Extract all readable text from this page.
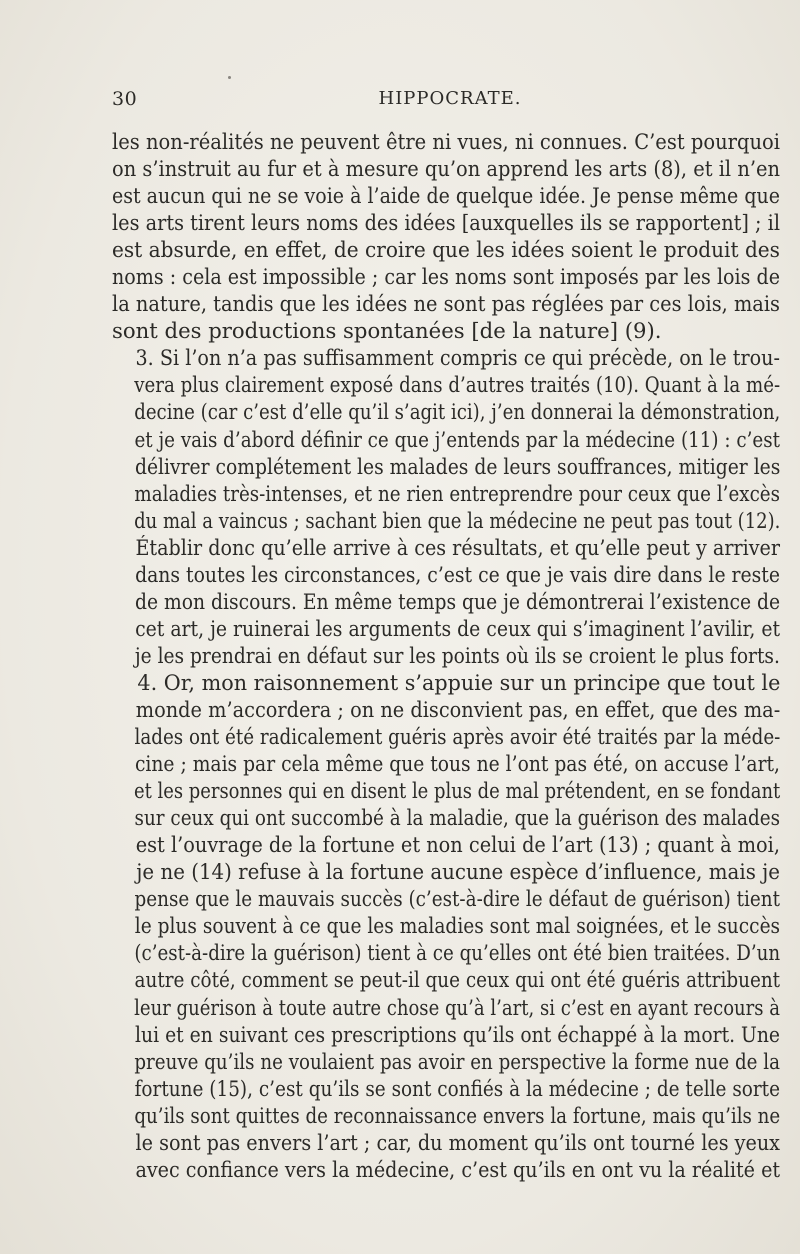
30	HIPPOCRATE.
les non-réalités ne peuvent être ni vues, ni connues. C’est pourquoi
on s’instruit au fur et à mesure qu’on apprend les arts (8), et il n’en
est aucun qui ne se voie à l’aide de quelque idée. Je pense même que
les arts tirent leurs noms des idées [auxquelles ils se rapportent] ; il
est absurde, en effet, de croire que les idées soient le produit des
noms : cela est impossible ; car les noms sont imposés par les lois de
la nature, tandis que les idées ne sont pas réglées par ces lois, mais
sont des productions spontanées [de la nature] (9).
3. Si l’on n’a pas suffisamment compris ce qui précède, on le trou-
vera plus clairement exposé dans d’autres traités (10). Quant à la mé-
decine (car c’est d’elle qu’il s’agit ici), j’en donnerai la démonstration,
et je vais d’abord définir ce que j’entends par la médecine (11) : c’est
délivrer complétement les malades de leurs souffrances, mitiger les
maladies très-intenses, et ne rien entreprendre pour ceux que l’excès
du mal a vaincus ; sachant bien que la médecine ne peut pas tout (12).
Établir donc qu’elle arrive à ces résultats, et qu’elle peut y arriver
dans toutes les circonstances, c’est ce que je vais dire dans le reste
de mon discours. En même temps que je démontrerai l’existence de
cet art, je ruinerai les arguments de ceux qui s’imaginent l’avilir, et
je les prendrai en défaut sur les points où ils se croient le plus forts.
4. Or, mon raisonnement s’appuie sur un principe que tout le
monde m’accordera ; on ne disconvient pas, en effet, que des ma-
lades ont été radicalement guéris après avoir été traités par la méde-
cine ; mais par cela même que tous ne l’ont pas été, on accuse l’art,
et les personnes qui en disent le plus de mal prétendent, en se fondant
sur ceux qui ont succombé à la maladie, que la guérison des malades
est l’ouvrage de la fortune et non celui de l’art (13) ; quant à moi,
je ne (14) refuse à la fortune aucune espèce d’influence, mais je
pense que le mauvais succès (c’est-à-dire le défaut de guérison) tient
le plus souvent à ce que les maladies sont mal soignées, et le succès
(c’est-à-dire la guérison) tient à ce qu’elles ont été bien traitées. D’un
autre côté, comment se peut-il que ceux qui ont été guéris attribuent
leur guérison à toute autre chose qu’à l’art, si c’est en ayant recours à
lui et en suivant ces prescriptions qu’ils ont échappé à la mort. Une
preuve qu’ils ne voulaient pas avoir en perspective la forme nue de la
fortune (15), c’est qu’ils se sont confiés à la médecine ; de telle sorte
qu’ils sont quittes de reconnaissance envers la fortune, mais qu’ils ne
le sont pas envers l’art ; car, du moment qu’ils ont tourné les yeux
avec confiance vers la médecine, c’est qu’ils en ont vu la réalité et
